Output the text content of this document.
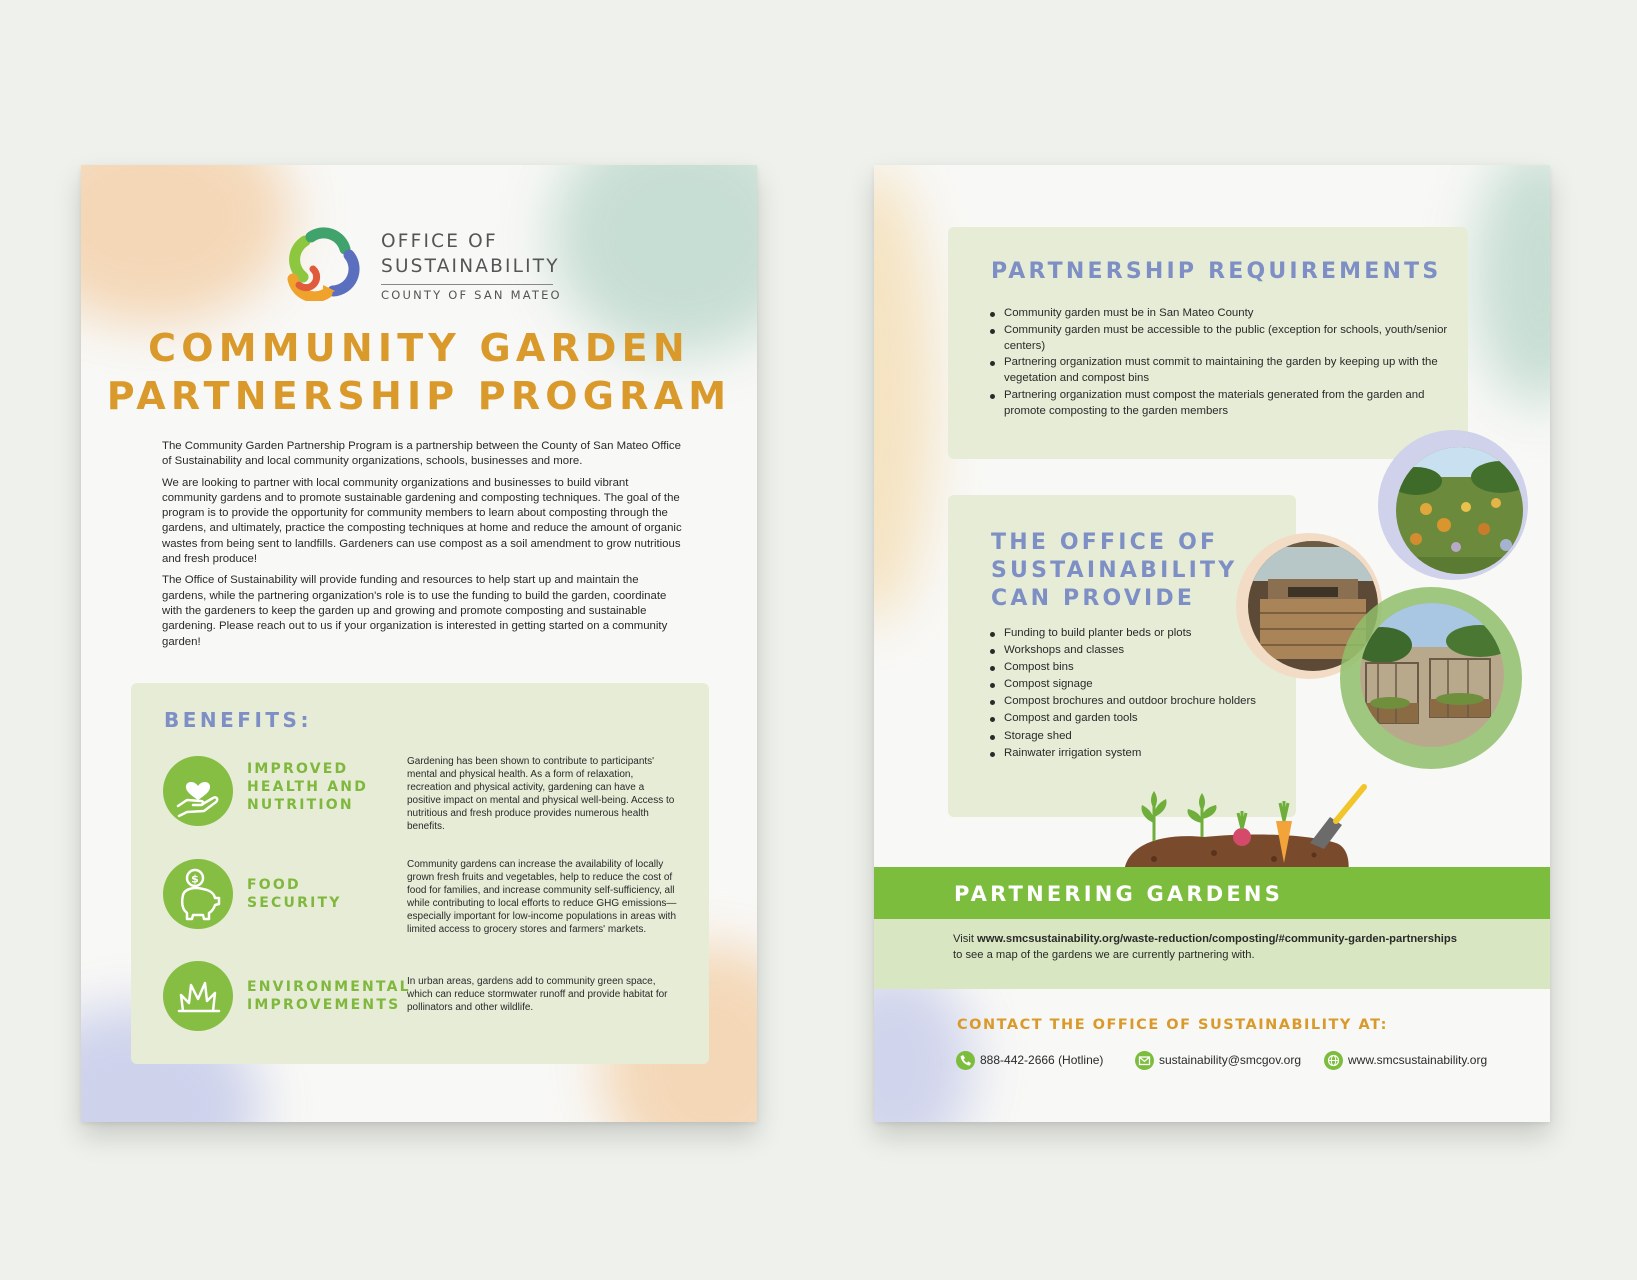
OFFICE OF
SUSTAINABILITY
COUNTY OF SAN MATEO
COMMUNITY GARDEN
PARTNERSHIP PROGRAM

The Community Garden Partnership Program is a partnership between the County of San Mateo Office of Sustainability and local community organizations, schools, businesses and more.

We are looking to partner with local community organizations and businesses to build vibrant community gardens and to promote sustainable gardening and composting techniques. The goal of the program is to provide the opportunity for community members to learn about composting through the gardens, and ultimately, practice the composting techniques at home and reduce the amount of organic wastes from being sent to landfills. Gardeners can use compost as a soil amendment to grow nutritious and fresh produce!

The Office of Sustainability will provide funding and resources to help start up and maintain the gardens, while the partnering organization's role is to use the funding to build the garden, coordinate with the gardeners to keep the garden up and growing and promote composting and sustainable gardening. Please reach out to us if your organization is interested in getting started on a community garden!

BENEFITS:

IMPROVED HEALTH AND NUTRITION

Gardening has been shown to contribute to participants' mental and physical health. As a form of relaxation, recreation and physical activity, gardening can have a positive impact on mental and physical well-being. Access to nutritious and fresh produce provides numerous health benefits.

$	FOOD SECURITY

Community gardens can increase the availability of locally grown fresh fruits and vegetables, help to reduce the cost of food for families, and increase community self-sufficiency, all while contributing to local efforts to reduce GHG emissions—especially important for low-income populations in areas with limited access to grocery stores and farmers' markets.

ENVIRONMENTAL IMPROVEMENTS

In urban areas, gardens add to community green space, which can reduce stormwater runoff and provide habitat for pollinators and other wildlife.

PARTNERSHIP REQUIREMENTS
Community garden must be in San Mateo County
Community garden must be accessible to the public (exception for schools, youth/senior centers)
Partnering organization must commit to maintaining the garden by keeping up with the vegetation and compost bins
Partnering organization must compost the materials generated from the garden and promote composting to the garden members
THE OFFICE OF
SUSTAINABILITY
CAN PROVIDE
Funding to build planter beds or plots
Workshops and classes
Compost bins
Compost signage
Compost brochures and outdoor brochure holders
Compost and garden tools
Storage shed
Rainwater irrigation system
PARTNERING GARDENS

Visit www.smcsustainability.org/waste-reduction/composting/#community-garden-partnerships
to see a map of the gardens we are currently partnering with.

CONTACT THE OFFICE OF SUSTAINABILITY AT:
888-442-2666 (Hotline)	sustainability@smcgov.org	www.smcsustainability.org
